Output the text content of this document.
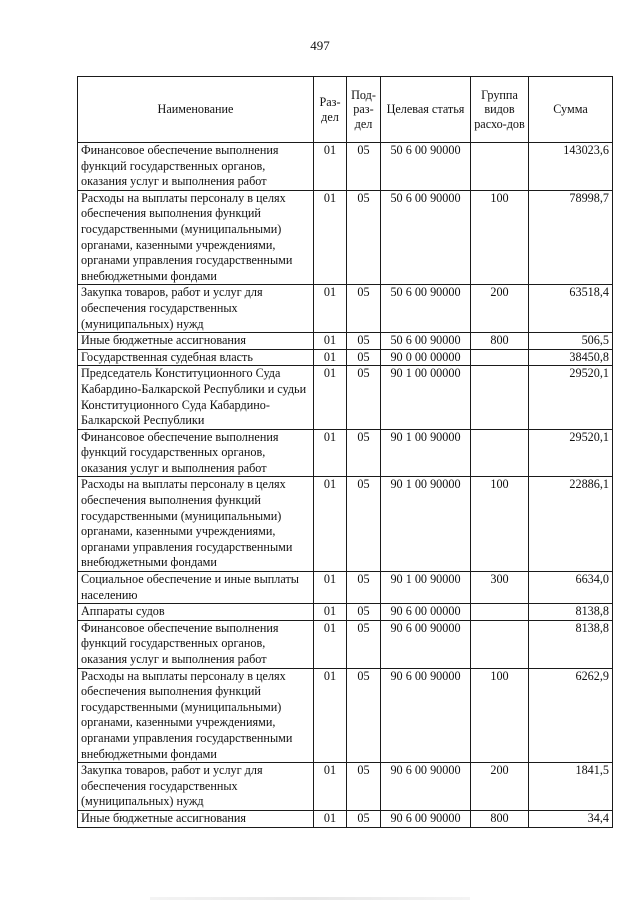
497
Наименование	Раз-дел	Под-раз-дел	Целевая статья	Группа видов расхо-дов	Сумма
Финансовое обеспечение выполнения функций государственных органов, оказания услуг и выполнения работ	01	05	50 6 00 90000		143023,6
Расходы на выплаты персоналу в целях обеспечения выполнения функций государственными (муниципальными) органами, казенными учреждениями, органами управления государственными внебюджетными фондами	01	05	50 6 00 90000	100	78998,7
Закупка товаров, работ и услуг для обеспечения государственных (муниципальных) нужд	01	05	50 6 00 90000	200	63518,4
Иные бюджетные ассигнования	01	05	50 6 00 90000	800	506,5
Государственная судебная власть	01	05	90 0 00 00000		38450,8
Председатель Конституционного Суда Кабардино-Балкарской Республики и судьи Конституционного Суда Кабардино-Балкарской Республики	01	05	90 1 00 00000		29520,1
Финансовое обеспечение выполнения функций государственных органов, оказания услуг и выполнения работ	01	05	90 1 00 90000		29520,1
Расходы на выплаты персоналу в целях обеспечения выполнения функций государственными (муниципальными) органами, казенными учреждениями, органами управления государственными внебюджетными фондами	01	05	90 1 00 90000	100	22886,1
Социальное обеспечение и иные выплаты населению	01	05	90 1 00 90000	300	6634,0
Аппараты судов	01	05	90 6 00 00000		8138,8
Финансовое обеспечение выполнения функций государственных органов, оказания услуг и выполнения работ	01	05	90 6 00 90000		8138,8
Расходы на выплаты персоналу в целях обеспечения выполнения функций государственными (муниципальными) органами, казенными учреждениями, органами управления государственными внебюджетными фондами	01	05	90 6 00 90000	100	6262,9
Закупка товаров, работ и услуг для обеспечения государственных (муниципальных) нужд	01	05	90 6 00 90000	200	1841,5
Иные бюджетные ассигнования	01	05	90 6 00 90000	800	34,4
